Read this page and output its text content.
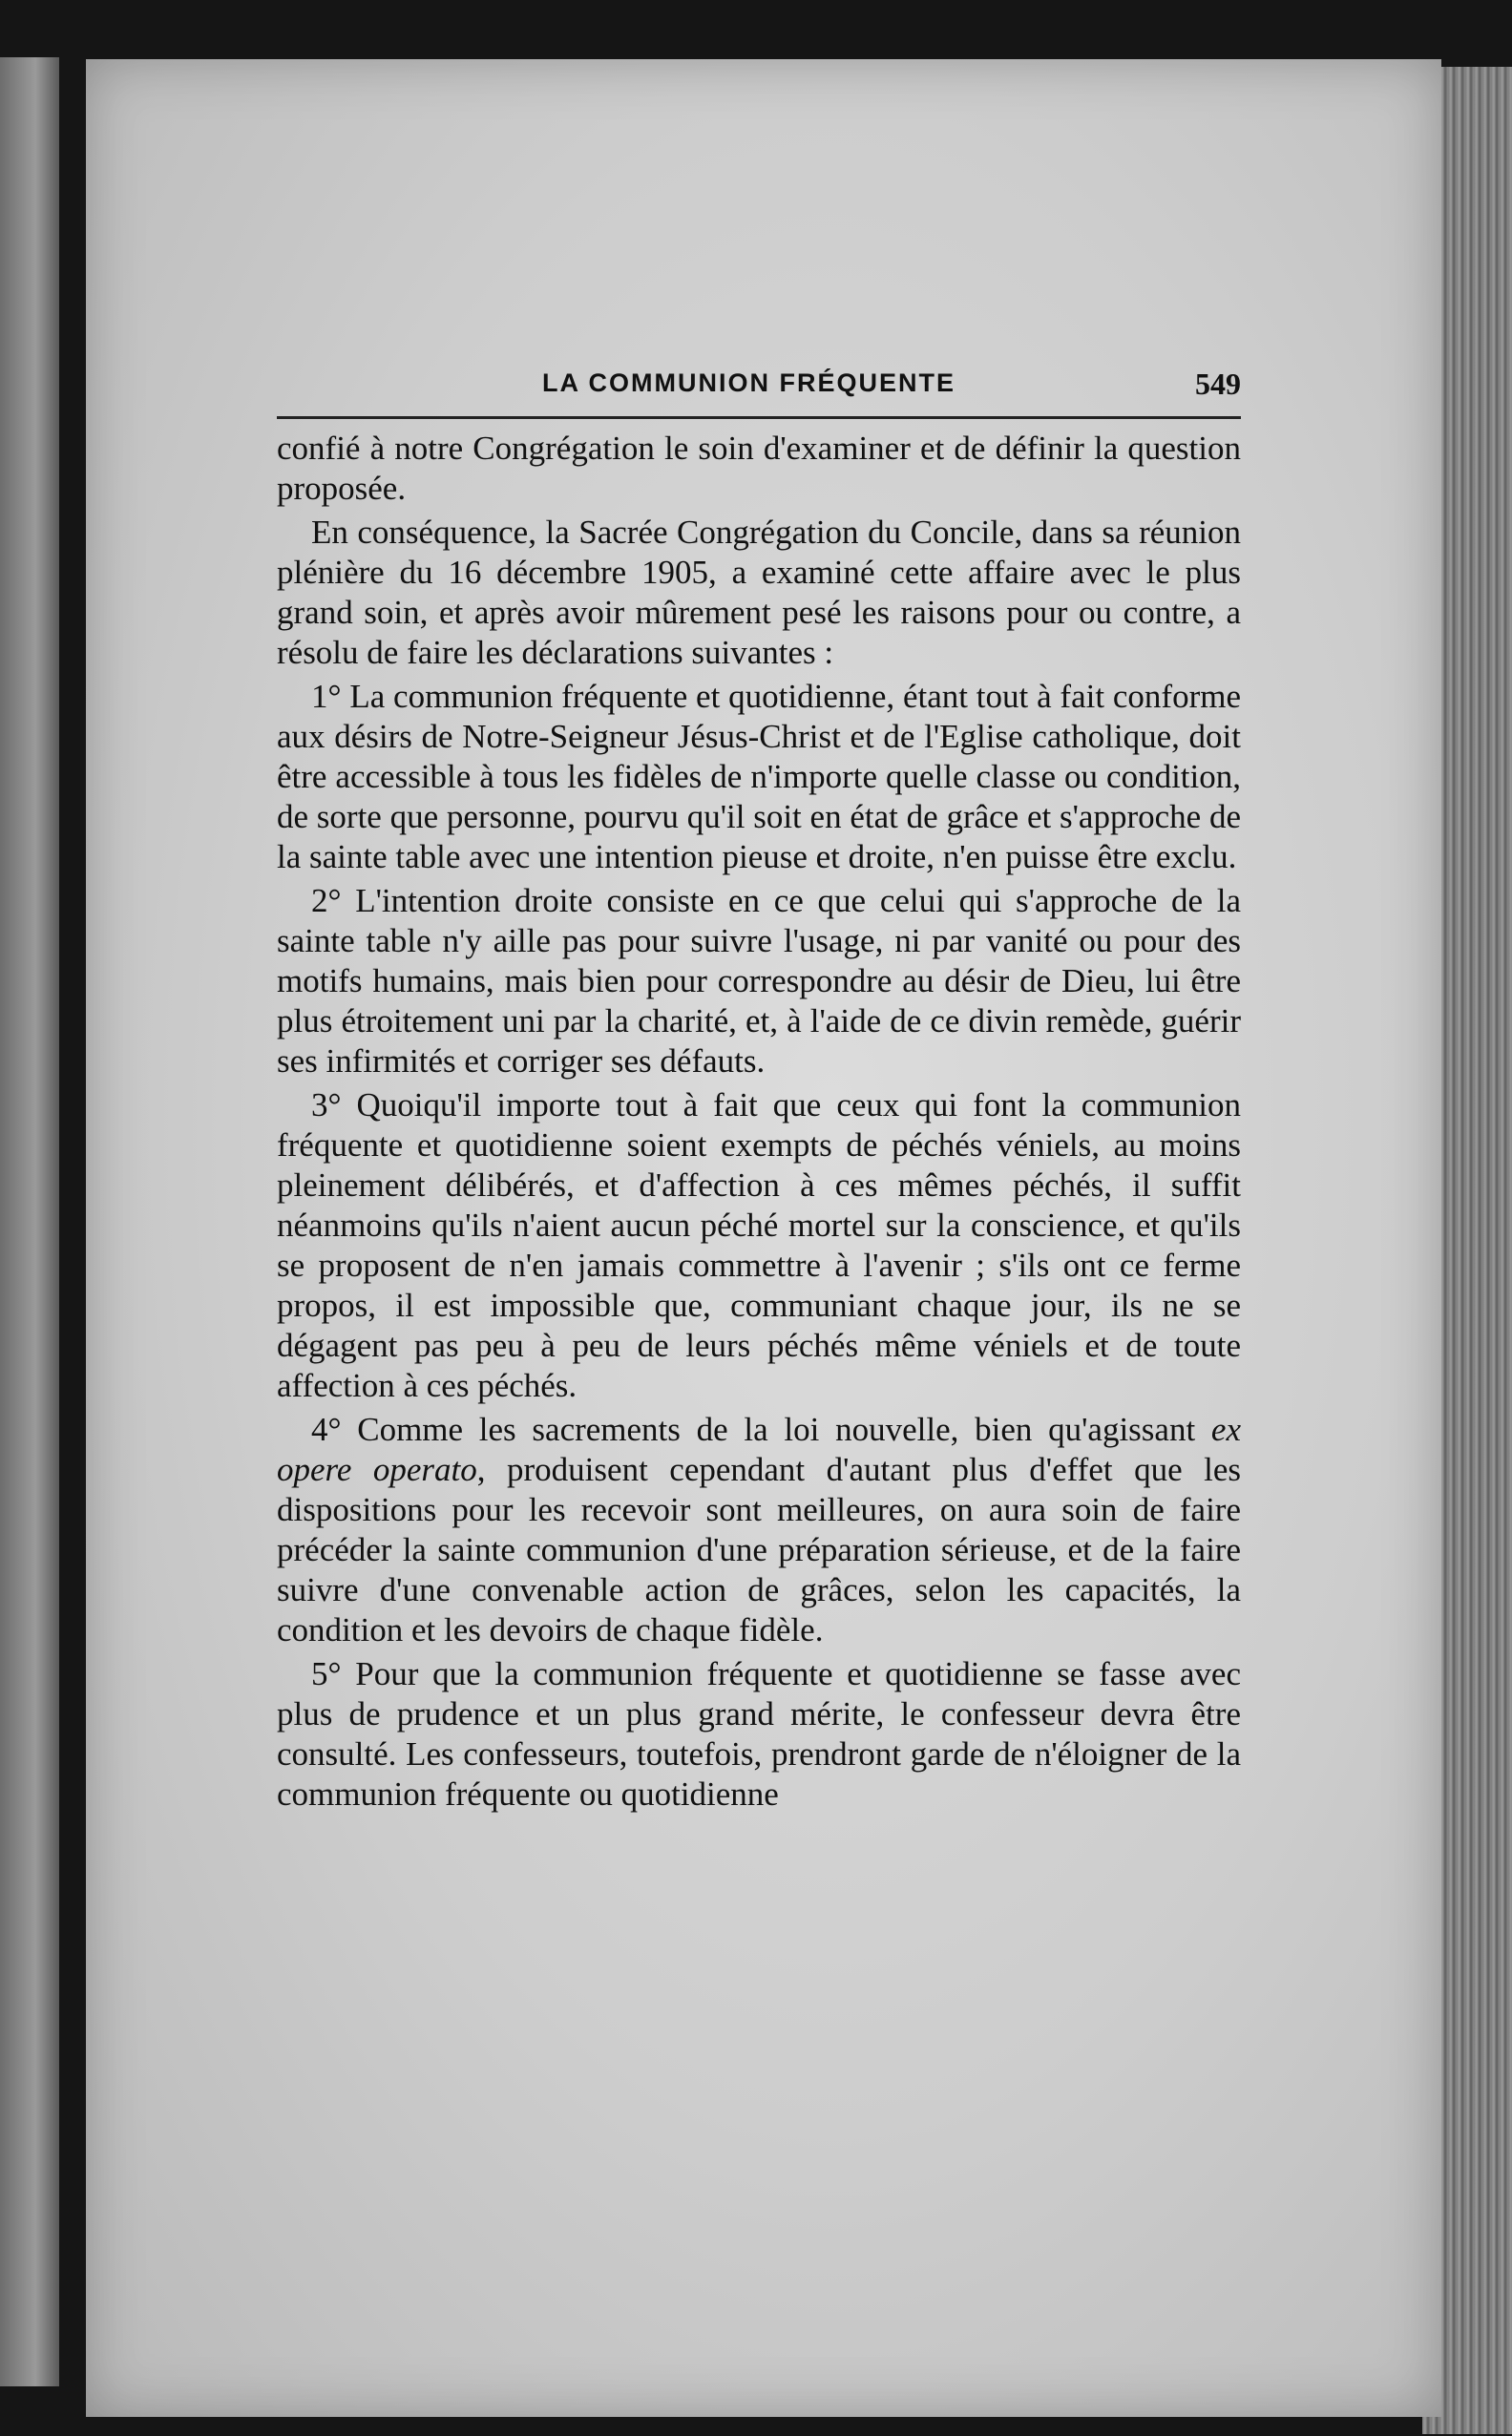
LA COMMUNION FRÉQUENTE	549

confié à notre Congrégation le soin d'examiner et de définir la question proposée.

En conséquence, la Sacrée Congrégation du Concile, dans sa réunion plénière du 16 décembre 1905, a examiné cette affaire avec le plus grand soin, et après avoir mûrement pesé les raisons pour ou contre, a résolu de faire les déclarations suivantes :

1° La communion fréquente et quotidienne, étant tout à fait conforme aux désirs de Notre-Seigneur Jésus-Christ et de l'Eglise catholique, doit être accessible à tous les fidèles de n'importe quelle classe ou condition, de sorte que personne, pourvu qu'il soit en état de grâce et s'approche de la sainte table avec une intention pieuse et droite, n'en puisse être exclu.

2° L'intention droite consiste en ce que celui qui s'approche de la sainte table n'y aille pas pour suivre l'usage, ni par vanité ou pour des motifs humains, mais bien pour correspondre au désir de Dieu, lui être plus étroitement uni par la charité, et, à l'aide de ce divin remède, guérir ses infirmités et corriger ses défauts.

3° Quoiqu'il importe tout à fait que ceux qui font la communion fréquente et quotidienne soient exempts de péchés véniels, au moins pleinement délibérés, et d'affection à ces mêmes péchés, il suffit néanmoins qu'ils n'aient aucun péché mortel sur la conscience, et qu'ils se proposent de n'en jamais commettre à l'avenir ; s'ils ont ce ferme propos, il est impossible que, communiant chaque jour, ils ne se dégagent pas peu à peu de leurs péchés même véniels et de toute affection à ces péchés.

4° Comme les sacrements de la loi nouvelle, bien qu'agissant ex opere operato, produisent cependant d'autant plus d'effet que les dispositions pour les recevoir sont meilleures, on aura soin de faire précéder la sainte communion d'une préparation sérieuse, et de la faire suivre d'une convenable action de grâces, selon les capacités, la condition et les devoirs de chaque fidèle.

5° Pour que la communion fréquente et quotidienne se fasse avec plus de prudence et un plus grand mérite, le confesseur devra être consulté. Les confesseurs, toutefois, prendront garde de n'éloigner de la communion fréquente ou quotidienne
